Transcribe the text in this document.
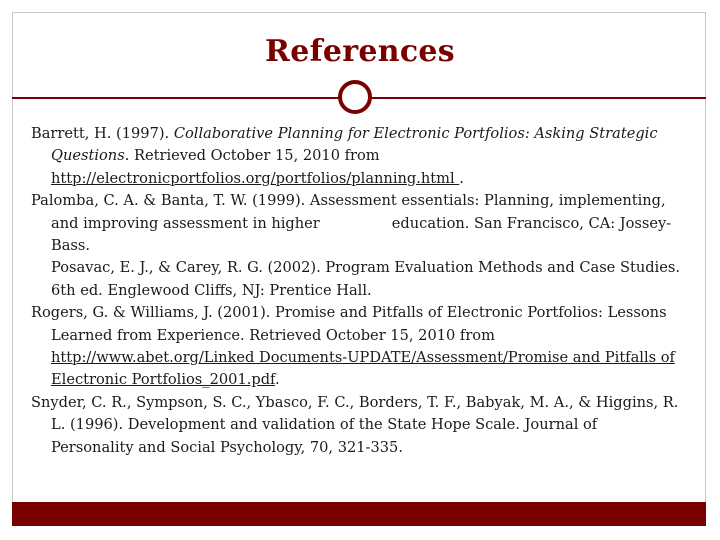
References

Barrett, H. (1997). Collaborative Planning for Electronic Portfolios: Asking Strategic Questions. Retrieved October 15, 2010 from http://electronicportfolios.org/portfolios/planning.html .

Palomba, C. A. & Banta, T. W. (1999). Assessment essentials: Planning, implementing, and improving assessment in higher	education. San Francisco, CA: Jossey-Bass.

Posavac, E. J., & Carey, R. G. (2002). Program Evaluation Methods and Case Studies. 6th ed. Englewood Cliffs, NJ: Prentice Hall.

Rogers, G. & Williams, J. (2001). Promise and Pitfalls of Electronic Portfolios: Lessons Learned from Experience. Retrieved October 15, 2010 from http://www.abet.org/Linked Documents-UPDATE/Assessment/Promise and Pitfalls of Electronic Portfolios_2001.pdf.

Snyder, C. R., Sympson, S. C., Ybasco, F. C., Borders, T. F., Babyak, M. A., & Higgins, R. L. (1996). Development and validation of the State Hope Scale. Journal of Personality and Social Psychology, 70, 321-335.
